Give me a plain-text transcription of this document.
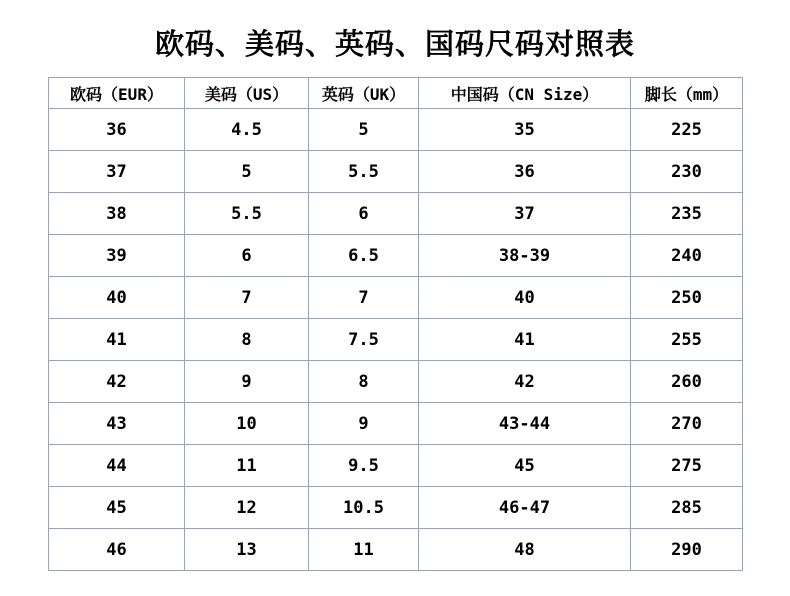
欧码、美码、英码、国码尺码对照表
欧码（EUR）	美码（US）	英码（UK）	中国码（CN Size）	脚长（mm）
36	4.5	5	35	225
37	5	5.5	36	230
38	5.5	6	37	235
39	6	6.5	38-39	240
40	7	7	40	250
41	8	7.5	41	255
42	9	8	42	260
43	10	9	43-44	270
44	11	9.5	45	275
45	12	10.5	46-47	285
46	13	11	48	290
